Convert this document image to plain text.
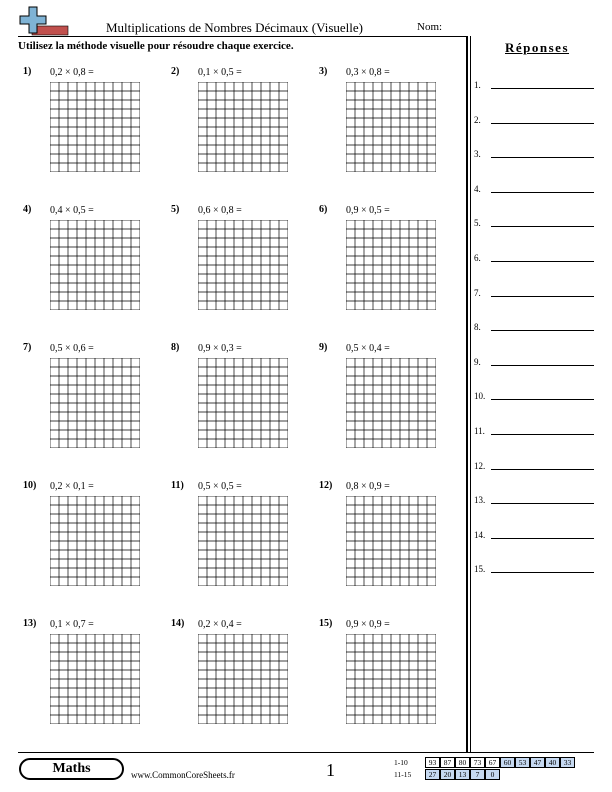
Multiplications de Nombres Décimaux (Visuelle)	Nom:
Utilisez la méthode visuelle pour résoudre chaque exercice.	Réponses
1.
2.
3.
4.
5.
6.
7.
8.
9.
10.
11.
12.
13.
14.
15.
1) 0,2 × 0,8 =	2) 0,1 × 0,5 =	3) 0,3 × 0,8 =
4) 0,4 × 0,5 =	5) 0,6 × 0,8 =	6) 0,9 × 0,5 =
7) 0,5 × 0,6 =	8) 0,9 × 0,3 =	9) 0,5 × 0,4 =
10) 0,2 × 0,1 =	11) 0,5 × 0,5 =	12) 0,8 × 0,9 =
13) 0,1 × 0,7 =	14) 0,2 × 0,4 =	15) 0,9 × 0,9 =
Maths	www.CommonCoreSheets.fr	1	1-10	93	87	80	73	67	60	53	47	40	33
11-15	27	20	13	7	0
